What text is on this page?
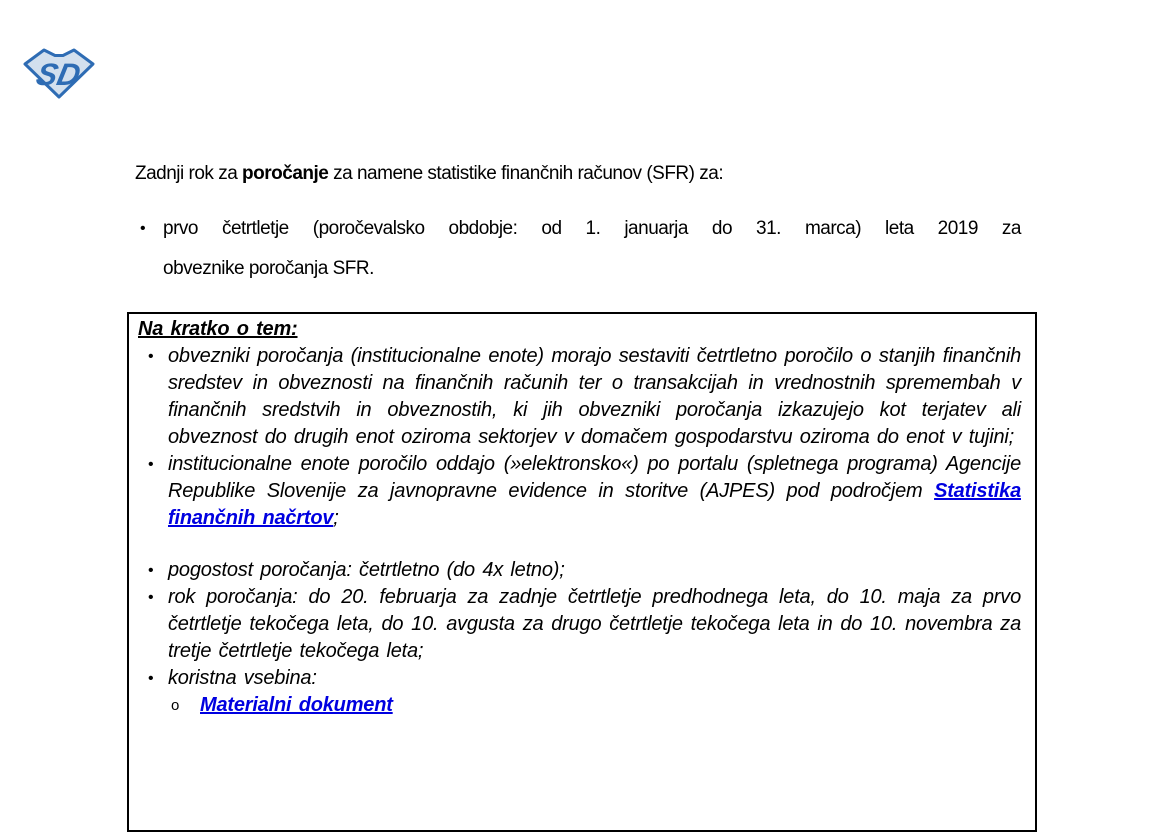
SD

Zadnji rok za poročanje za namene statistike finančnih računov (SFR) za:

• prvo četrtletje (poročevalsko obdobje: od 1. januarja do 31. marca) leta 2019 za
obveznike poročanja SFR.

Na kratko o tem:

• obvezniki poročanja (institucionalne enote) morajo sestaviti četrtletno poročilo o stanjih finančnih sredstev in obveznosti na finančnih računih ter o transakcijah in vrednostnih spremembah v finančnih sredstvih in obveznostih, ki jih obvezniki poročanja izkazujejo kot terjatev ali obveznost do drugih enot oziroma sektorjev v domačem gospodarstvu oziroma do enot v tujini;
• institucionalne enote poročilo oddajo (»elektronsko«) po portalu (spletnega programa) Agencije Republike Slovenije za javnopravne evidence in storitve (AJPES) pod področjem Statistika finančnih načrtov;
• pogostost poročanja: četrtletno (do 4x letno);
• rok poročanja: do 20. februarja za zadnje četrtletje predhodnega leta, do 10. maja za prvo četrtletje tekočega leta, do 10. avgusta za drugo četrtletje tekočega leta in do 10. novembra za tretje četrtletje tekočega leta;
• koristna vsebina:
o Materialni dokument
